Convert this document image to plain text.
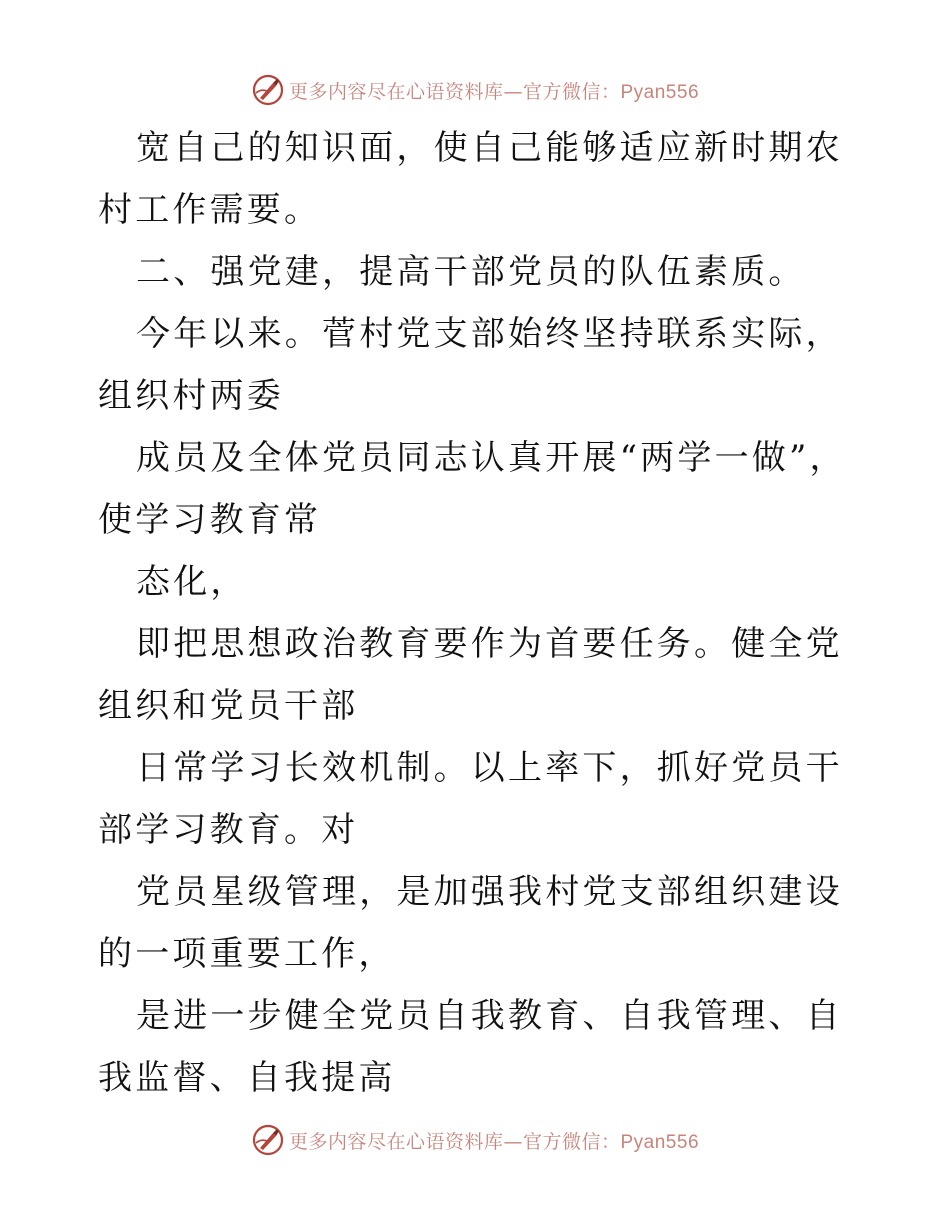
更多内容尽在心语资料库—官方微信：Pyan556

宽自己的知识面，使自己能够适应新时期农村工作需要。

二、强党建，提高干部党员的队伍素质。

今年以来。菅村党支部始终坚持联系实际，组织村两委

成员及全体党员同志认真开展“两学一做”，使学习教育常

态化，

即把思想政治教育要作为首要任务。健全党组织和党员干部

日常学习长效机制。以上率下，抓好党员干部学习教育。对

党员星级管理，是加强我村党支部组织建设的一项重要工作，

是进一步健全党员自我教育、自我管理、自我监督、自我提高

更多内容尽在心语资料库—官方微信：Pyan556
